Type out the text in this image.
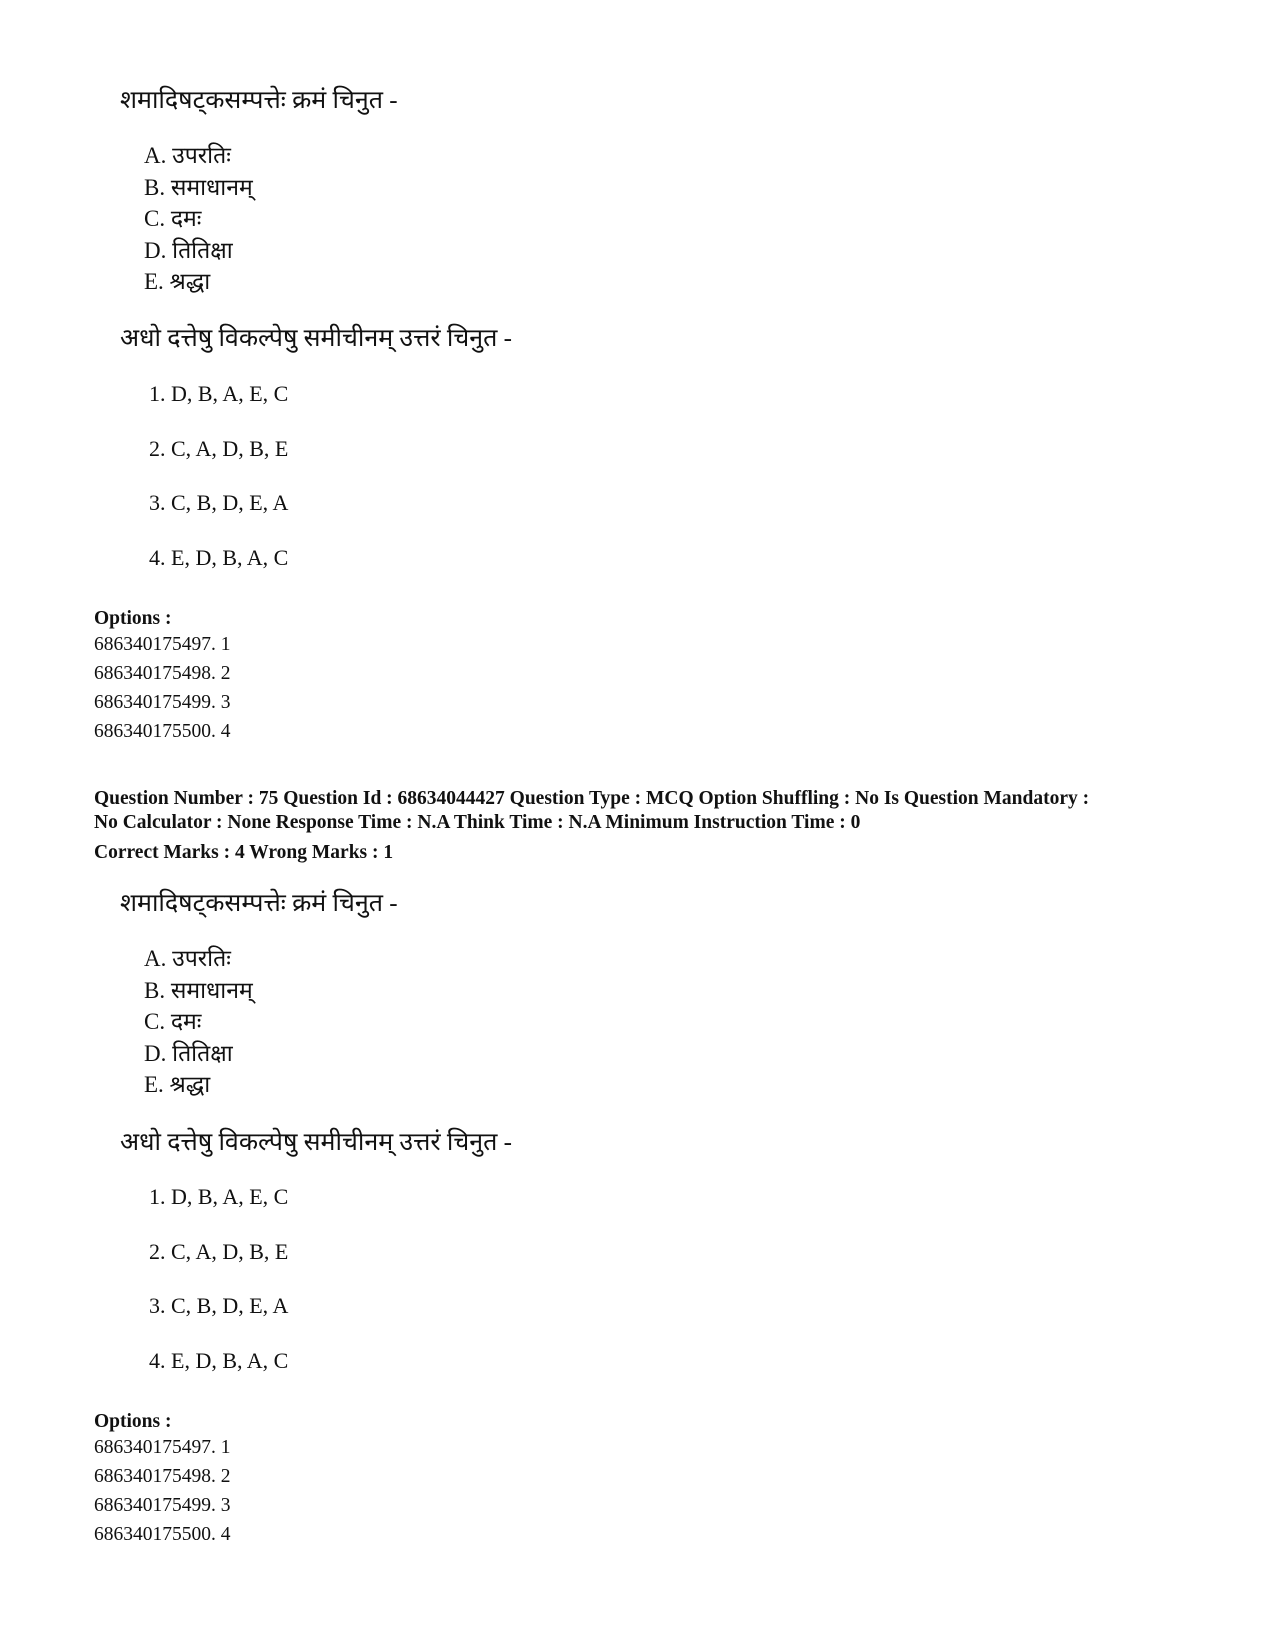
शमादिषट्कसम्पत्तेः क्रमं चिनुत -
A. उपरतिः
B. समाधानम्
C. दमः
D. तितिक्षा
E. श्रद्धा
अधो दत्तेषु विकल्पेषु समीचीनम् उत्तरं चिनुत -
1. D, B, A, E, C
2. C, A, D, B, E
3. C, B, D, E, A
4. E, D, B, A, C
Options :
686340175497. 1
686340175498. 2
686340175499. 3
686340175500. 4
Question Number : 75 Question Id : 68634044427 Question Type : MCQ Option Shuffling : No Is Question Mandatory :
No Calculator : None Response Time : N.A Think Time : N.A Minimum Instruction Time : 0
Correct Marks : 4 Wrong Marks : 1
शमादिषट्कसम्पत्तेः क्रमं चिनुत -
A. उपरतिः
B. समाधानम्
C. दमः
D. तितिक्षा
E. श्रद्धा
अधो दत्तेषु विकल्पेषु समीचीनम् उत्तरं चिनुत -
1. D, B, A, E, C
2. C, A, D, B, E
3. C, B, D, E, A
4. E, D, B, A, C
Options :
686340175497. 1
686340175498. 2
686340175499. 3
686340175500. 4
